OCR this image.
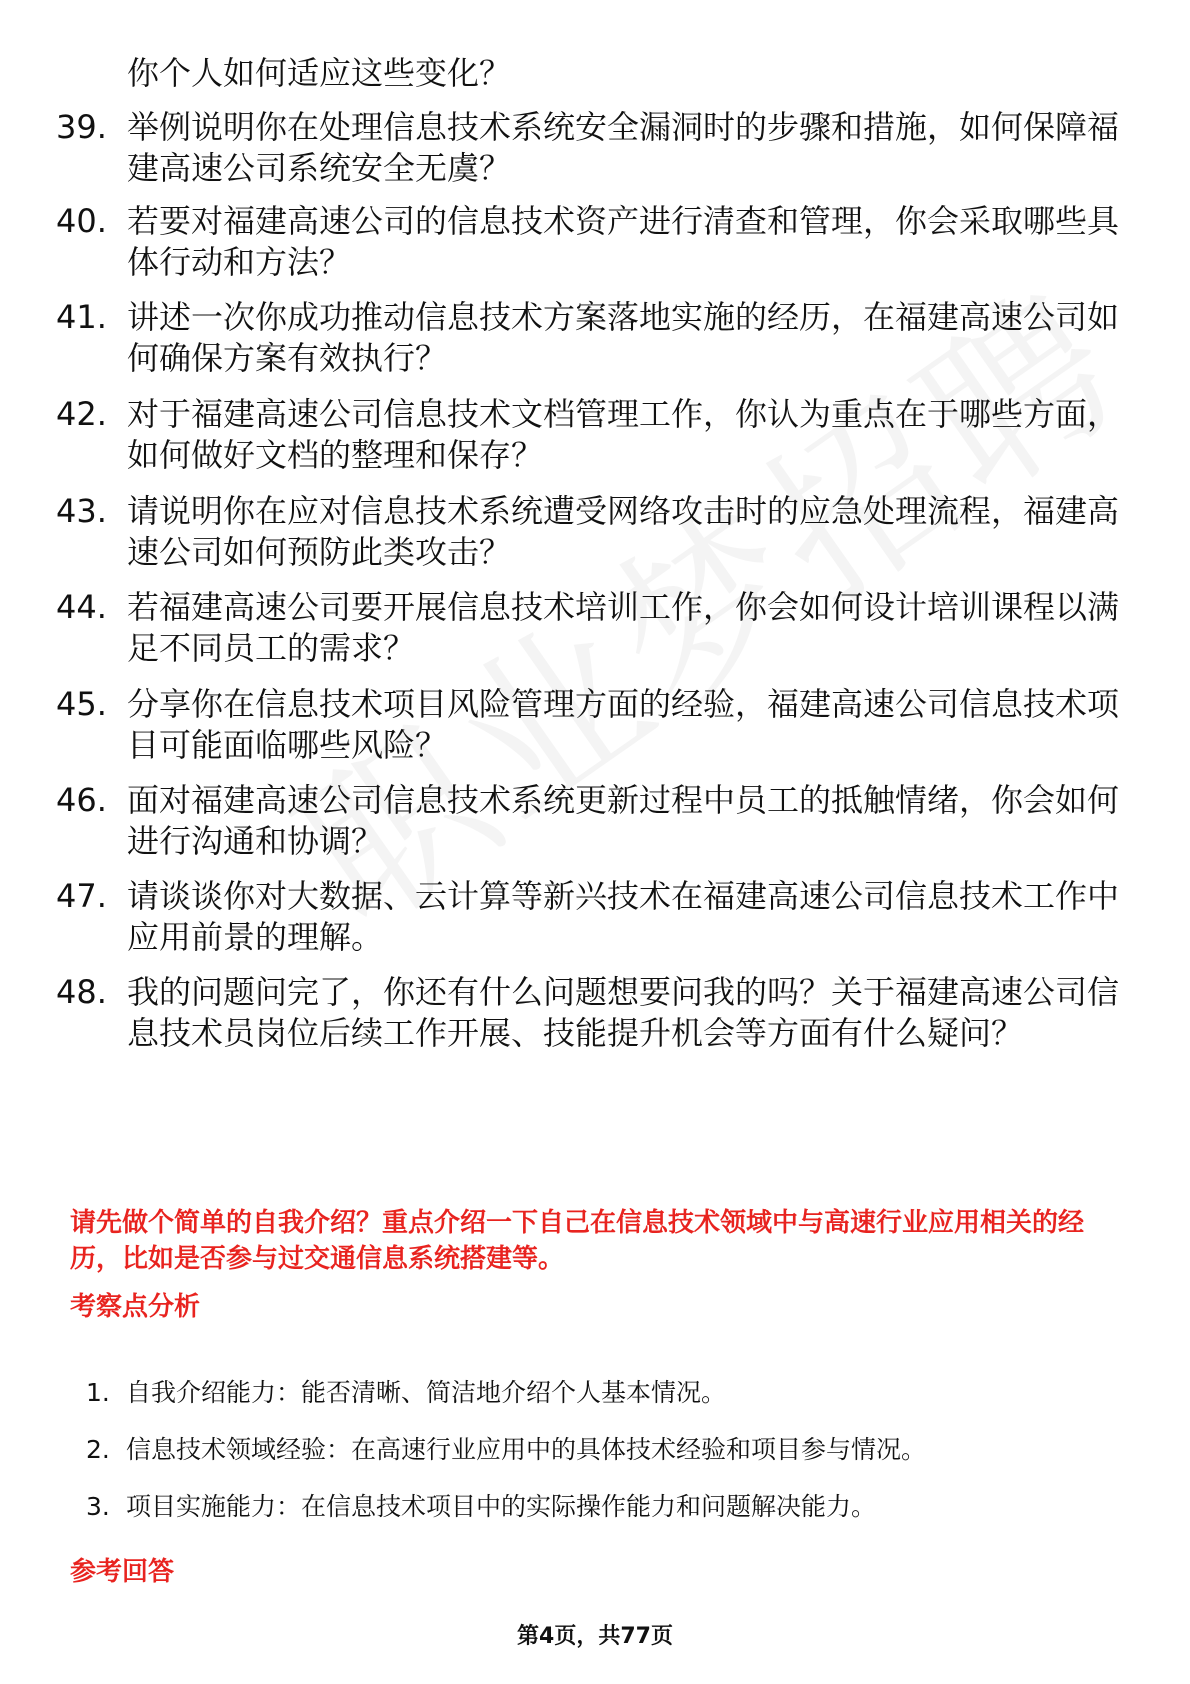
你个人如何适应这些变化？
39. 举例说明你在处理信息技术系统安全漏洞时的步骤和措施，如何保障福建高速公司系统安全无虞？
40. 若要对福建高速公司的信息技术资产进行清查和管理，你会采取哪些具体行动和方法？
41. 讲述一次你成功推动信息技术方案落地实施的经历，在福建高速公司如何确保方案有效执行？
42. 对于福建高速公司信息技术文档管理工作，你认为重点在于哪些方面，如何做好文档的整理和保存？
43. 请说明你在应对信息技术系统遭受网络攻击时的应急处理流程，福建高速公司如何预防此类攻击？
44. 若福建高速公司要开展信息技术培训工作，你会如何设计培训课程以满足不同员工的需求？
45. 分享你在信息技术项目风险管理方面的经验，福建高速公司信息技术项目可能面临哪些风险？
46. 面对福建高速公司信息技术系统更新过程中员工的抵触情绪，你会如何进行沟通和协调？
47. 请谈谈你对大数据、云计算等新兴技术在福建高速公司信息技术工作中应用前景的理解。
48. 我的问题问完了，你还有什么问题想要问我的吗？关于福建高速公司信息技术员岗位后续工作开展、技能提升机会等方面有什么疑问？
请先做个简单的自我介绍？重点介绍一下自己在信息技术领域中与高速行业应用相关的经历，比如是否参与过交通信息系统搭建等。
考察点分析
1. 自我介绍能力：能否清晰、简洁地介绍个人基本情况。
2. 信息技术领域经验：在高速行业应用中的具体技术经验和项目参与情况。
3. 项目实施能力：在信息技术项目中的实际操作能力和问题解决能力。
参考回答
第4页，共77页
